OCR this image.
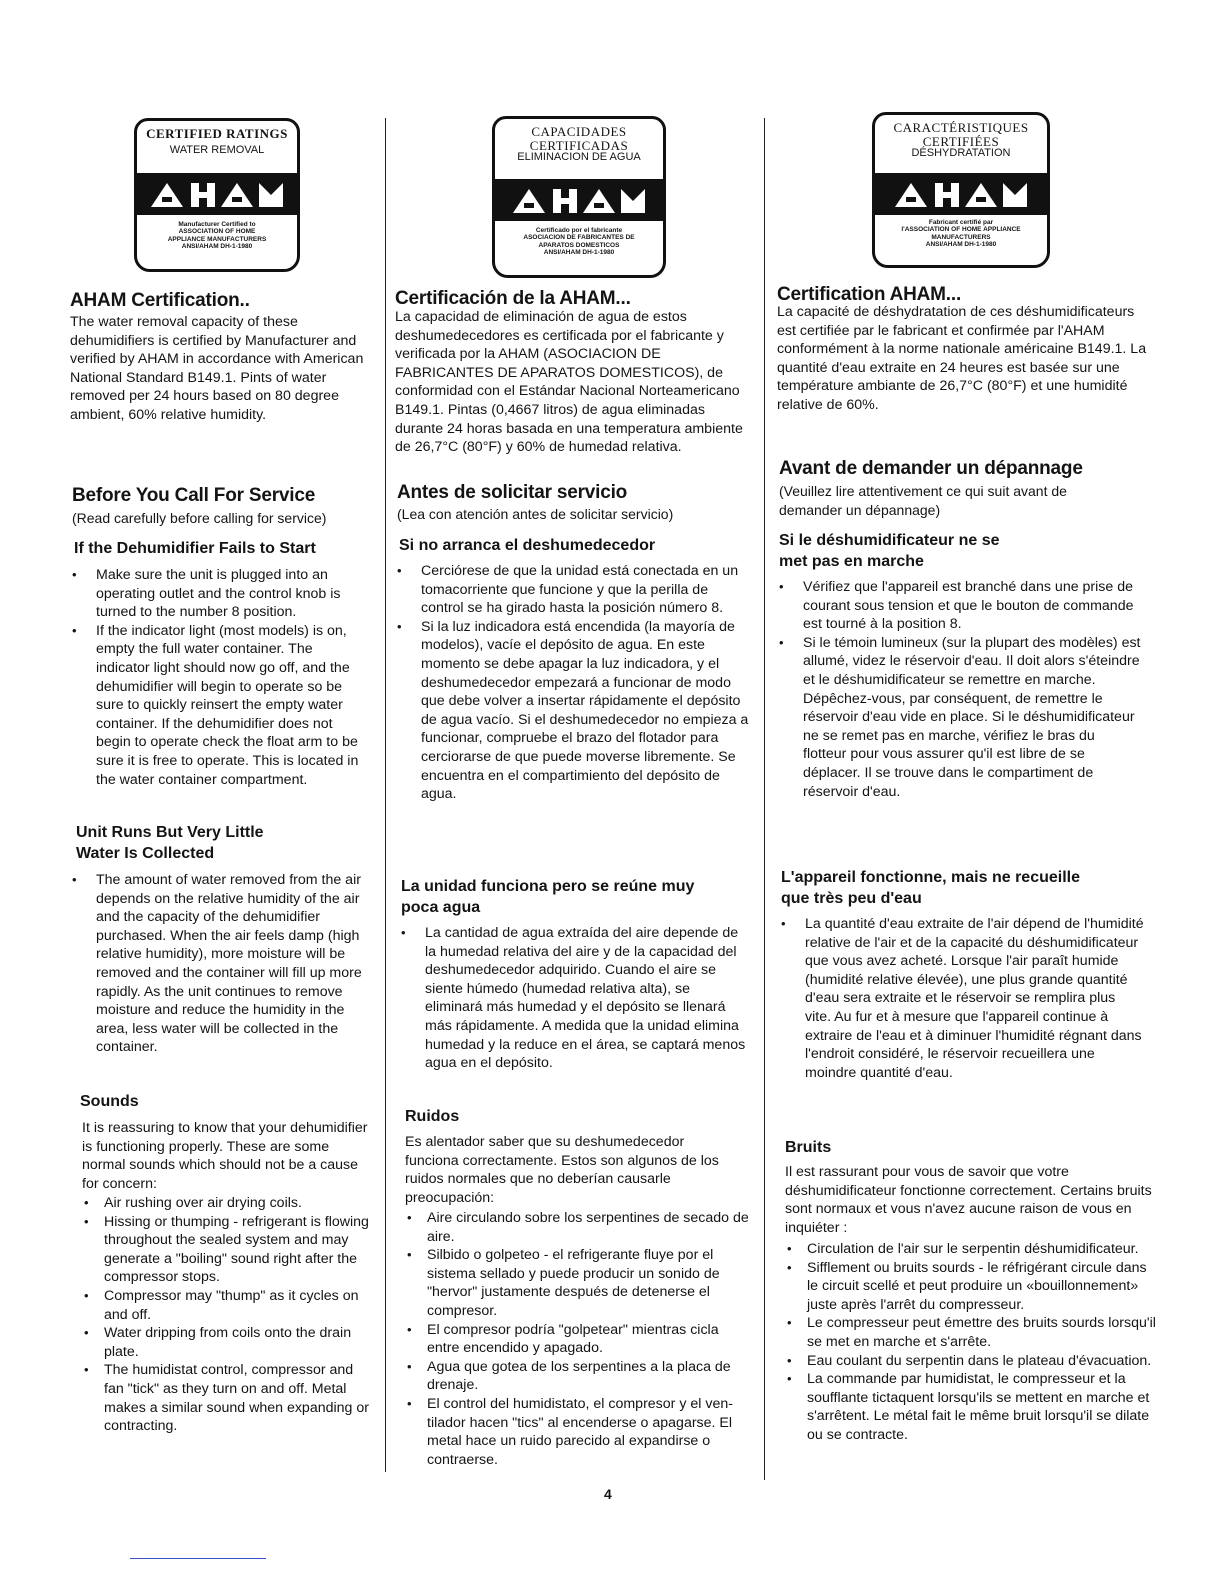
CERTIFIED RATINGS
WATER REMOVAL
Manufacturer Certified to
ASSOCIATION OF HOME
APPLIANCE MANUFACTURERS
ANSI/AHAM DH-1-1980
AHAM Certification..

The water removal capacity of these dehumidifiers is certified by Manufacturer and verified by AHAM in accordance with American National Standard B149.1. Pints of water removed per 24 hours based on 80 degree ambient, 60% relative humidity.

Before You Call For Service

(Read carefully before calling for service)

If the Dehumidifier Fails to Start
• Make sure the unit is plugged into an operating outlet and the control knob is turned to the number 8 position.
• If the indicator light (most models) is on, empty the full water container. The indicator light should now go off, and the dehumidifier will begin to operate so be sure to quickly reinsert the empty water container. If the dehumidifier does not begin to operate check the float arm to be sure it is free to operate. This is located in the water container compartment.
Unit Runs But Very Little
Water Is Collected
• The amount of water removed from the air depends on the relative humidity of the air and the capacity of the dehumidifier purchased. When the air feels damp (high relative humidity), more moisture will be removed and the container will fill up more rapidly. As the unit continues to remove moisture and reduce the humidity in the area, less water will be collected in the container.
Sounds

It is reassuring to know that your dehumidifier is functioning properly. These are some normal sounds which should not be a cause for concern:

• Air rushing over air drying coils.
• Hissing or thumping - refrigerant is flowing throughout the sealed system and may generate a "boiling" sound right after the compressor stops.
• Compressor may "thump" as it cycles on and off.
• Water dripping from coils onto the drain plate.
• The humidistat control, compressor and fan "tick" as they turn on and off. Metal makes a similar sound when expanding or contracting.
CAPACIDADES
CERTIFICADAS
ELIMINACION DE AGUA
Certificado por el fabricante
ASOCIACION DE FABRICANTES DE
APARATOS DOMESTICOS
ANSI/AHAM DH-1-1980
Certificación de la AHAM...

La capacidad de eliminación de agua de estos deshumedecedores es certificada por el fabricante y verificada por la AHAM (ASOCIACION DE FABRICANTES DE APARATOS DOMESTICOS), de conformidad con el Estándar Nacional Norteamericano B149.1. Pintas (0,4667 litros) de agua eliminadas durante 24 horas basada en una temperatura ambiente de 26,7°C (80°F) y 60% de humedad relativa.

Antes de solicitar servicio

(Lea con atención antes de solicitar servicio)

Si no arranca el deshumedecedor
• Cerciórese de que la unidad está conectada en un tomacorriente que funcione y que la perilla de control se ha girado hasta la posición número 8.
• Si la luz indicadora está encendida (la mayoría de modelos), vacíe el depósito de agua. En este momento se debe apagar la luz indicadora, y el deshumedecedor empezará a funcionar de modo que debe volver a insertar rápidamente el depósito de agua vacío. Si el deshumedecedor no empieza a funcionar, compruebe el brazo del flotador para cerciorarse de que puede moverse libremente. Se encuentra en el compartimiento del depósito de agua.
La unidad funciona pero se reúne muy
poca agua
• La cantidad de agua extraída del aire depende de la humedad relativa del aire y de la capacidad del deshumedecedor adquirido. Cuando el aire se siente húmedo (humedad relativa alta), se eliminará más humedad y el depósito se llenará más rápidamente. A medida que la unidad elimina humedad y la reduce en el área, se captará menos agua en el depósito.
Ruidos

Es alentador saber que su deshumedecedor funciona correctamente. Estos son algunos de los ruidos normales que no deberían causarle preocupación:

• Aire circulando sobre los serpentines de secado de aire.
• Silbido o golpeteo - el refrigerante fluye por el sistema sellado y puede producir un sonido de "hervor" justamente después de detenerse el compresor.
• El compresor podría "golpetear" mientras cicla entre encendido y apagado.
• Agua que gotea de los serpentines a la placa de drenaje.
• El control del humidistato, el compresor y el ven-tilador hacen "tics" al encenderse o apagarse. El metal hace un ruido parecido al expandirse o contraerse.
CARACTÉRISTIQUES
CERTIFIÉES
DÉSHYDRATATION
Fabricant certifié par
l'ASSOCIATION OF HOME APPLIANCE
MANUFACTURERS
ANSI/AHAM DH-1-1980
Certification AHAM...

La capacité de déshydratation de ces déshumidificateurs est certifiée par le fabricant et confirmée par l'AHAM conformément à la norme nationale américaine B149.1. La quantité d'eau extraite en 24 heures est basée sur une température ambiante de 26,7°C (80°F) et une humidité relative de 60%.

Avant de demander un dépannage

(Veuillez lire attentivement ce qui suit avant de demander un dépannage)

Si le déshumidificateur ne se
met pas en marche
• Vérifiez que l'appareil est branché dans une prise de courant sous tension et que le bouton de commande est tourné à la position 8.
• Si le témoin lumineux (sur la plupart des modèles) est allumé, videz le réservoir d'eau. Il doit alors s'éteindre et le déshumidificateur se remettre en marche. Dépêchez-vous, par conséquent, de remettre le réservoir d'eau vide en place. Si le déshumidificateur ne se remet pas en marche, vérifiez le bras du flotteur pour vous assurer qu'il est libre de se déplacer. Il se trouve dans le compartiment de réservoir d'eau.
L'appareil fonctionne, mais ne recueille
que très peu d'eau
• La quantité d'eau extraite de l'air dépend de l'humidité relative de l'air et de la capacité du déshumidificateur que vous avez acheté. Lorsque l'air paraît humide (humidité relative élevée), une plus grande quantité d'eau sera extraite et le réservoir se remplira plus vite. Au fur et à mesure que l'appareil continue à extraire de l'eau et à diminuer l'humidité régnant dans l'endroit considéré, le réservoir recueillera une moindre quantité d'eau.
Bruits

Il est rassurant pour vous de savoir que votre déshumidificateur fonctionne correctement. Certains bruits sont normaux et vous n'avez aucune raison de vous en inquiéter :

• Circulation de l'air sur le serpentin déshumidificateur.
• Sifflement ou bruits sourds - le réfrigérant circule dans le circuit scellé et peut produire un «bouillonnement» juste après l'arrêt du compresseur.
• Le compresseur peut émettre des bruits sourds lorsqu'il se met en marche et s'arrête.
• Eau coulant du serpentin dans le plateau d'évacuation.
• La commande par humidistat, le compresseur et la soufflante tictaquent lorsqu'ils se mettent en marche et s'arrêtent. Le métal fait le même bruit lorsqu'il se dilate ou se contracte.
4
